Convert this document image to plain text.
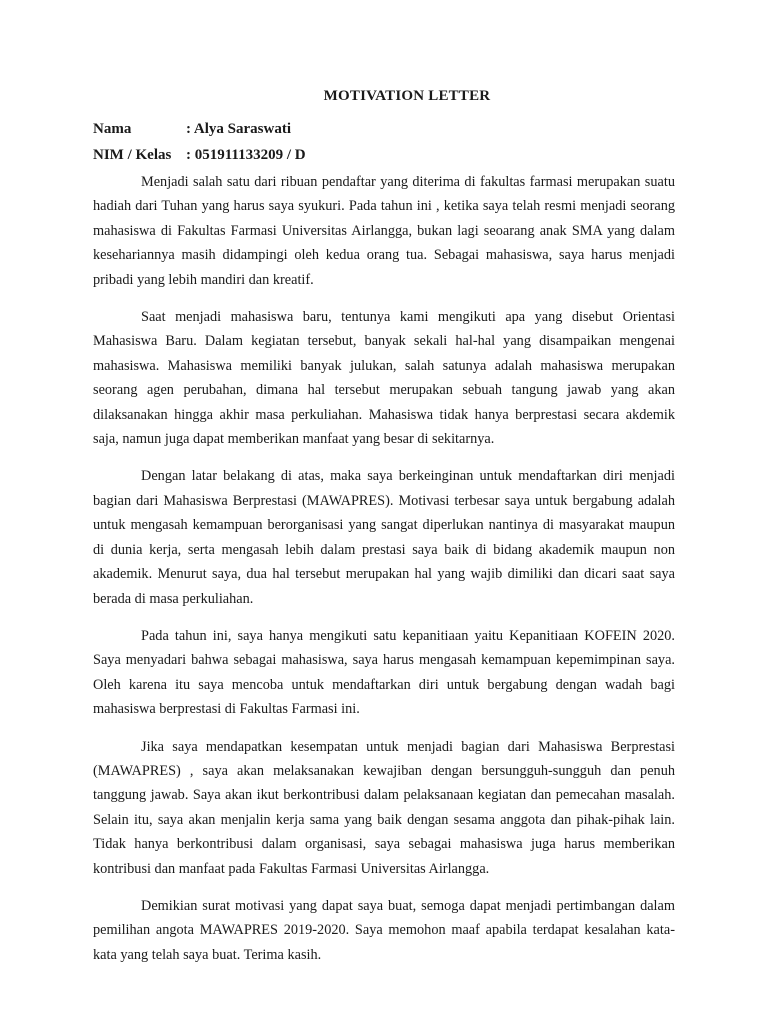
MOTIVATION LETTER
Nama	: Alya Saraswati
NIM / Kelas : 051911133209 / D

Menjadi salah satu dari ribuan pendaftar yang diterima di fakultas farmasi merupakan suatu hadiah dari Tuhan yang harus saya syukuri. Pada tahun ini , ketika saya telah resmi menjadi seorang mahasiswa di Fakultas Farmasi Universitas Airlangga, bukan lagi seoarang anak SMA yang dalam kesehariannya masih didampingi oleh kedua orang tua. Sebagai mahasiswa, saya harus menjadi pribadi yang lebih mandiri dan kreatif.

Saat menjadi mahasiswa baru, tentunya kami mengikuti apa yang disebut Orientasi Mahasiswa Baru. Dalam kegiatan tersebut, banyak sekali hal-hal yang disampaikan mengenai mahasiswa. Mahasiswa memiliki banyak julukan, salah satunya adalah mahasiswa merupakan seorang agen perubahan, dimana hal tersebut merupakan sebuah tangung jawab yang akan dilaksanakan hingga akhir masa perkuliahan. Mahasiswa tidak hanya berprestasi secara akdemik saja, namun juga dapat memberikan manfaat yang besar di sekitarnya.

Dengan latar belakang di atas, maka saya berkeinginan untuk mendaftarkan diri menjadi bagian dari Mahasiswa Berprestasi (MAWAPRES). Motivasi terbesar saya untuk bergabung adalah untuk mengasah kemampuan berorganisasi yang sangat diperlukan nantinya di masyarakat maupun di dunia kerja, serta mengasah lebih dalam prestasi saya baik di bidang akademik maupun non akademik. Menurut saya, dua hal tersebut merupakan hal yang wajib dimiliki dan dicari saat saya berada di masa perkuliahan.

Pada tahun ini, saya hanya mengikuti satu kepanitiaan yaitu Kepanitiaan KOFEIN 2020. Saya menyadari bahwa sebagai mahasiswa, saya harus mengasah kemampuan kepemimpinan saya. Oleh karena itu saya mencoba untuk mendaftarkan diri untuk bergabung dengan wadah bagi mahasiswa berprestasi di Fakultas Farmasi ini.

Jika saya mendapatkan kesempatan untuk menjadi bagian dari Mahasiswa Berprestasi (MAWAPRES) , saya akan melaksanakan kewajiban dengan bersungguh-sungguh dan penuh tanggung jawab. Saya akan ikut berkontribusi dalam pelaksanaan kegiatan dan pemecahan masalah. Selain itu, saya akan menjalin kerja sama yang baik dengan sesama anggota dan pihak-pihak lain. Tidak hanya berkontribusi dalam organisasi, saya sebagai mahasiswa juga harus memberikan kontribusi dan manfaat pada Fakultas Farmasi Universitas Airlangga.

Demikian surat motivasi yang dapat saya buat, semoga dapat menjadi pertimbangan dalam pemilihan angota MAWAPRES 2019-2020. Saya memohon maaf apabila terdapat kesalahan kata-kata yang telah saya buat. Terima kasih.
